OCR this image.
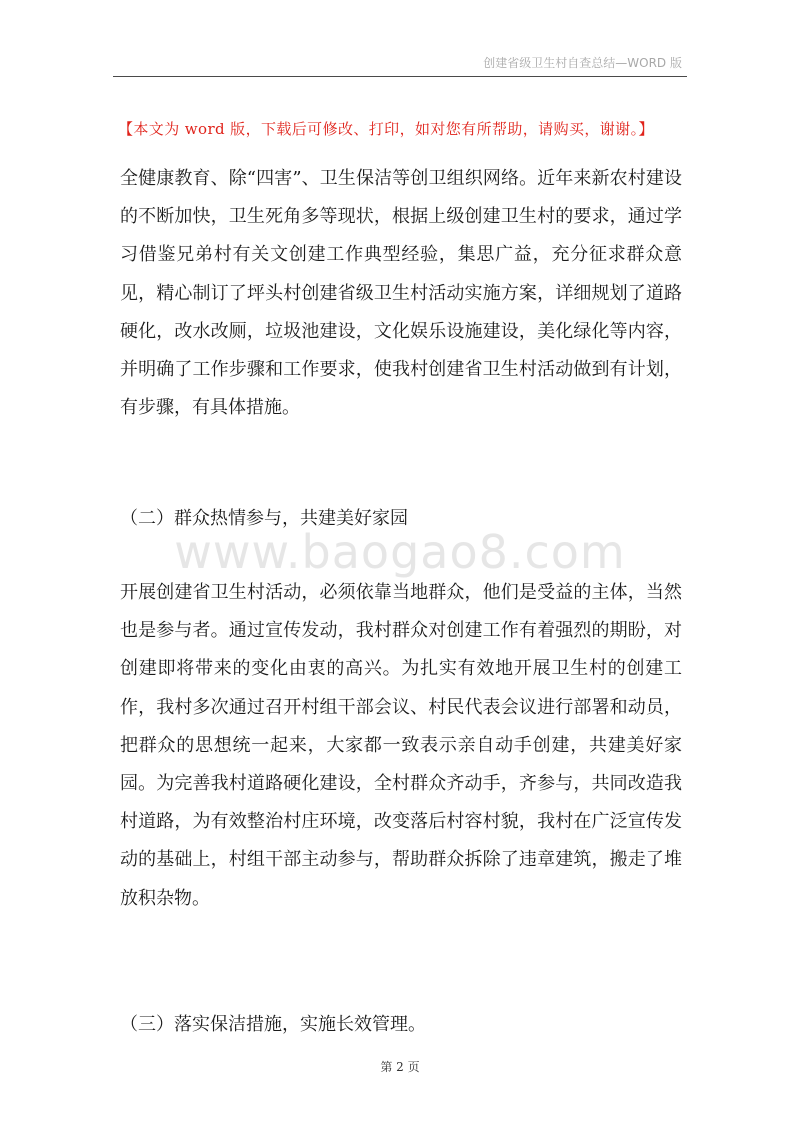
创建省级卫生村自查总结—WORD 版
【本文为 word 版，下载后可修改、打印，如对您有所帮助，请购买，谢谢。】

全健康教育、除“四害”、卫生保洁等创卫组织网络。近年来新农村建设的不断加快，卫生死角多等现状，根据上级创建卫生村的要求，通过学习借鉴兄弟村有关文创建工作典型经验，集思广益，充分征求群众意见，精心制订了坪头村创建省级卫生村活动实施方案，详细规划了道路硬化，改水改厕，垃圾池建设，文化娱乐设施建设，美化绿化等内容，并明确了工作步骤和工作要求，使我村创建省卫生村活动做到有计划，有步骤，有具体措施。

（二）群众热情参与，共建美好家园
www.baogao8.com

开展创建省卫生村活动，必须依靠当地群众，他们是受益的主体，当然也是参与者。通过宣传发动，我村群众对创建工作有着强烈的期盼，对创建即将带来的变化由衷的高兴。为扎实有效地开展卫生村的创建工作，我村多次通过召开村组干部会议、村民代表会议进行部署和动员，把群众的思想统一起来，大家都一致表示亲自动手创建，共建美好家园。为完善我村道路硬化建设，全村群众齐动手，齐参与，共同改造我村道路，为有效整治村庄环境，改变落后村容村貌，我村在广泛宣传发动的基础上，村组干部主动参与，帮助群众拆除了违章建筑，搬走了堆放积杂物。

（三）落实保洁措施，实施长效管理。
第 2 页
